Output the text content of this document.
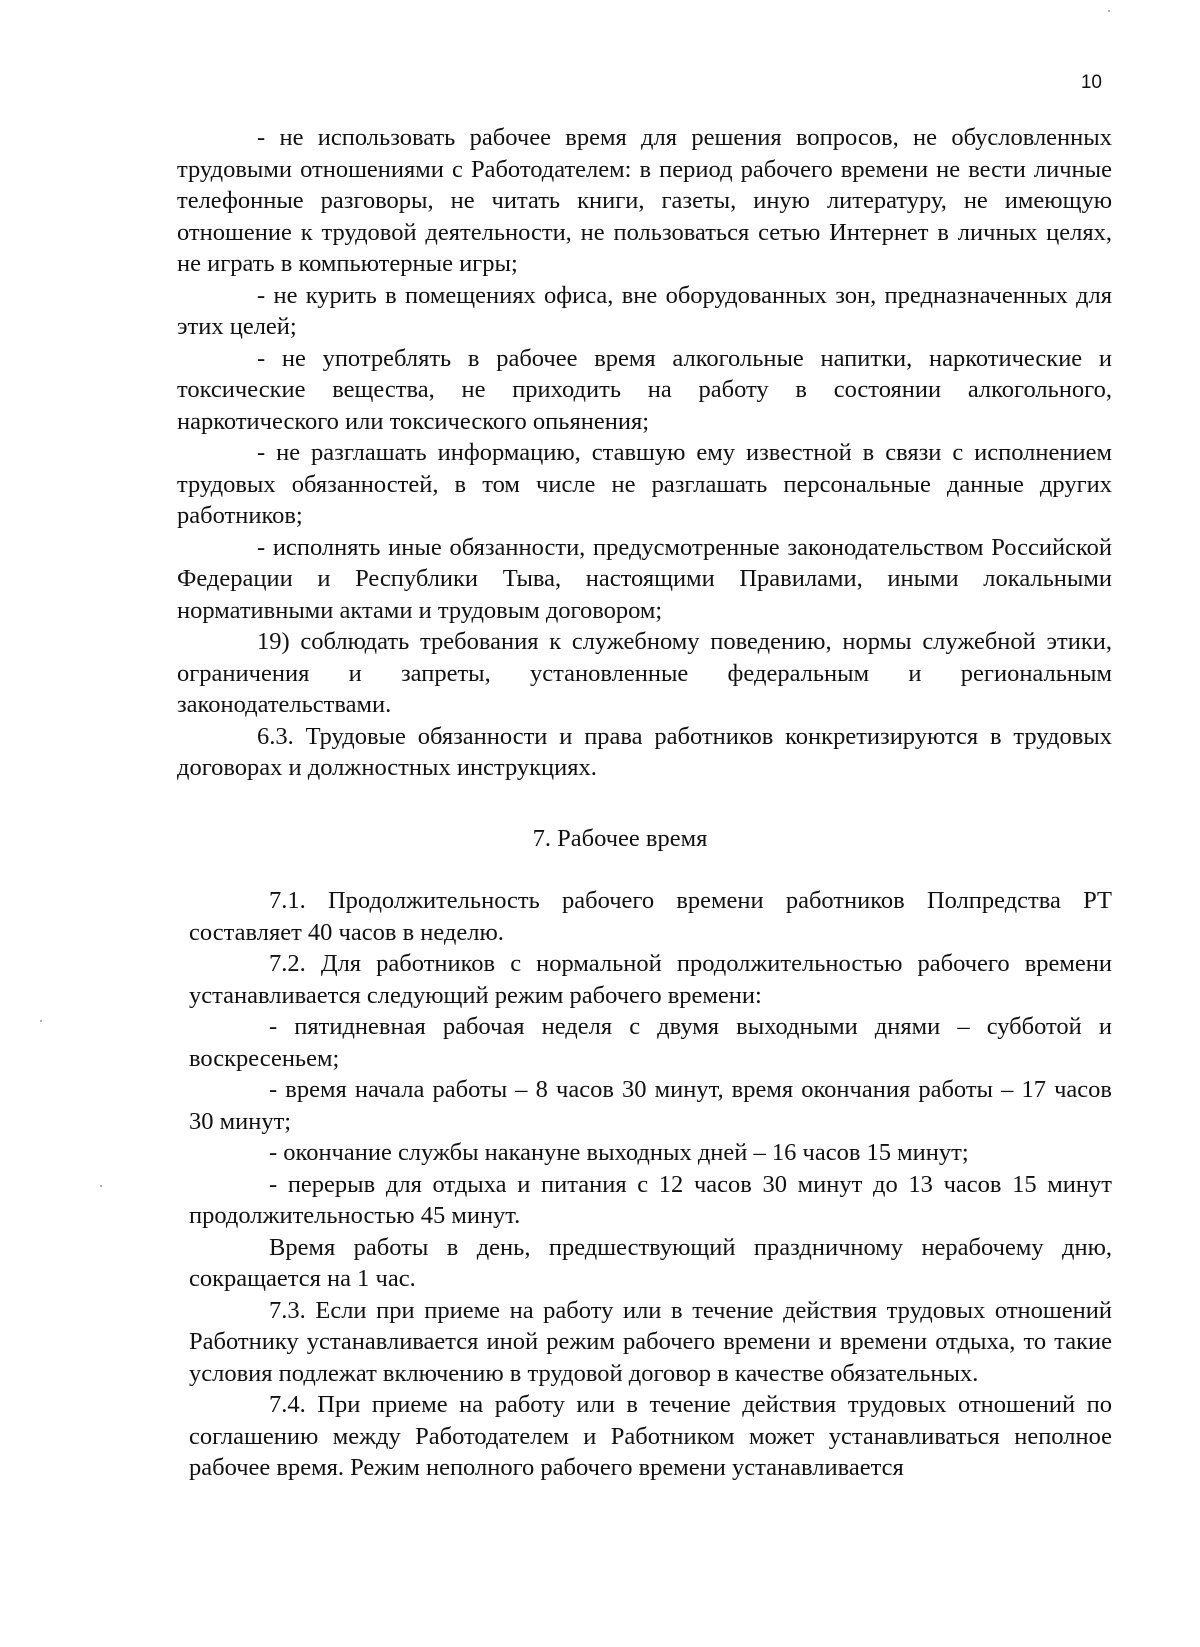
10

- не использовать рабочее время для решения вопросов, не обусловленных трудовыми отношениями с Работодателем: в период рабочего времени не вести личные телефонные разговоры, не читать книги, газеты, иную литературу, не имеющую отношение к трудовой деятельности, не пользоваться сетью Интернет в личных целях, не играть в компьютерные игры;

- не курить в помещениях офиса, вне оборудованных зон, предназначенных для этих целей;

- не употреблять в рабочее время алкогольные напитки, наркотические и токсические вещества, не приходить на работу в состоянии алкогольного, наркотического или токсического опьянения;

- не разглашать информацию, ставшую ему известной в связи с исполнением трудовых обязанностей, в том числе не разглашать персональные данные других работников;

- исполнять иные обязанности, предусмотренные законодательством Российской Федерации и Республики Тыва, настоящими Правилами, иными локальными нормативными актами и трудовым договором;

19) соблюдать требования к служебному поведению, нормы служебной этики, ограничения и запреты, установленные федеральным и региональным законодательствами.

6.3. Трудовые обязанности и права работников конкретизируются в трудовых договорах и должностных инструкциях.

7. Рабочее время

7.1. Продолжительность рабочего времени работников Полпредства РТ составляет 40 часов в неделю.

7.2. Для работников с нормальной продолжительностью рабочего времени устанавливается следующий режим рабочего времени:

- пятидневная рабочая неделя с двумя выходными днями – субботой и воскресеньем;

- время начала работы – 8 часов 30 минут, время окончания работы – 17 часов 30 минут;

- окончание службы накануне выходных дней – 16 часов 15 минут;

- перерыв для отдыха и питания с 12 часов 30 минут до 13 часов 15 минут продолжительностью 45 минут.

Время работы в день, предшествующий праздничному нерабочему дню, сокращается на 1 час.

7.3. Если при приеме на работу или в течение действия трудовых отношений Работнику устанавливается иной режим рабочего времени и времени отдыха, то такие условия подлежат включению в трудовой договор в качестве обязательных.

7.4. При приеме на работу или в течение действия трудовых отношений по соглашению между Работодателем и Работником может устанавливаться неполное рабочее время. Режим неполного рабочего времени устанавливается
